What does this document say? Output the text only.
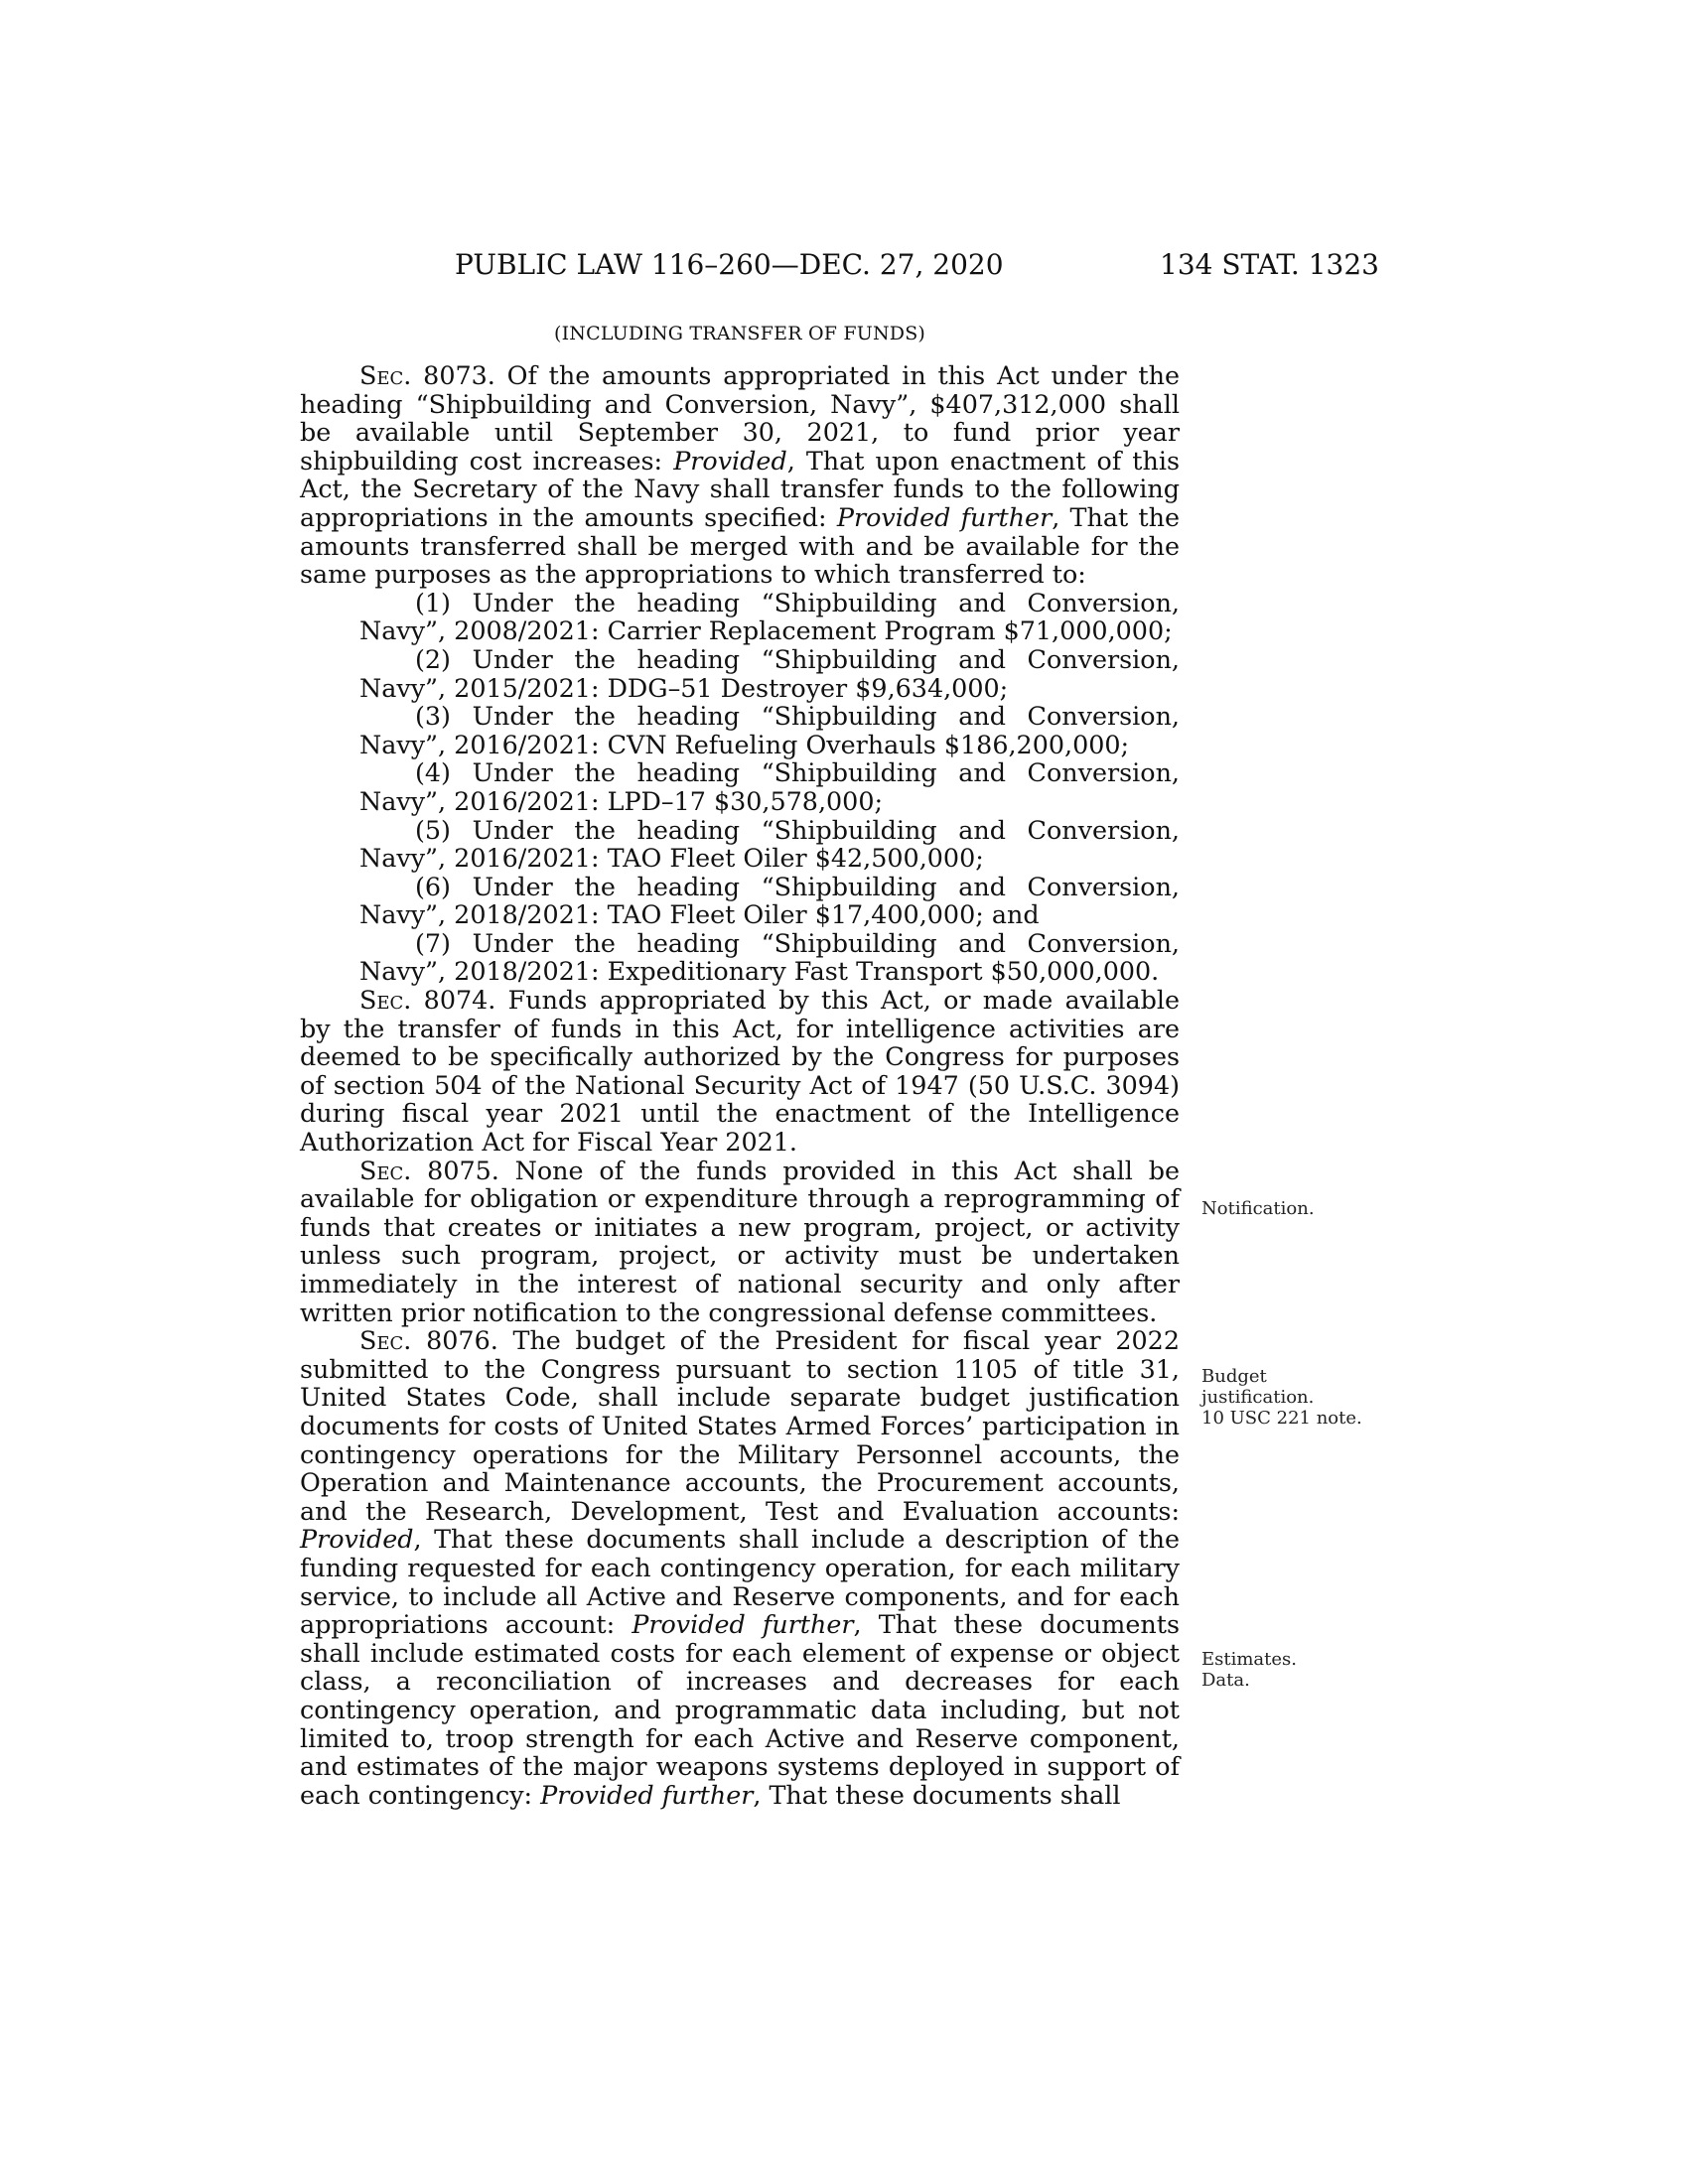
PUBLIC LAW 116–260—DEC. 27, 2020	134 STAT. 1323
(INCLUDING TRANSFER OF FUNDS)

Sec. 8073. Of the amounts appropriated in this Act under the heading “Shipbuilding and Conversion, Navy”, $407,312,000 shall be available until September 30, 2021, to fund prior year shipbuilding cost increases: Provided, That upon enactment of this Act, the Secretary of the Navy shall transfer funds to the following appropriations in the amounts specified: Provided further, That the amounts transferred shall be merged with and be available for the same purposes as the appropriations to which transferred to:

(1) Under the heading “Shipbuilding and Conversion, Navy”, 2008/2021: Carrier Replacement Program $71,000,000;

(2) Under the heading “Shipbuilding and Conversion, Navy”, 2015/2021: DDG–51 Destroyer $9,634,000;

(3) Under the heading “Shipbuilding and Conversion, Navy”, 2016/2021: CVN Refueling Overhauls $186,200,000;

(4) Under the heading “Shipbuilding and Conversion, Navy”, 2016/2021: LPD–17 $30,578,000;

(5) Under the heading “Shipbuilding and Conversion, Navy”, 2016/2021: TAO Fleet Oiler $42,500,000;

(6) Under the heading “Shipbuilding and Conversion, Navy”, 2018/2021: TAO Fleet Oiler $17,400,000; and

(7) Under the heading “Shipbuilding and Conversion, Navy”, 2018/2021: Expeditionary Fast Transport $50,000,000.

Sec. 8074. Funds appropriated by this Act, or made available by the transfer of funds in this Act, for intelligence activities are deemed to be specifically authorized by the Congress for purposes of section 504 of the National Security Act of 1947 (50 U.S.C. 3094) during fiscal year 2021 until the enactment of the Intelligence Authorization Act for Fiscal Year 2021.

Sec. 8075. None of the funds provided in this Act shall be available for obligation or expenditure through a reprogramming of funds that creates or initiates a new program, project, or activity unless such program, project, or activity must be undertaken immediately in the interest of national security and only after written prior notification to the congressional defense committees.

Sec. 8076. The budget of the President for fiscal year 2022 submitted to the Congress pursuant to section 1105 of title 31, United States Code, shall include separate budget justification documents for costs of United States Armed Forces’ participation in contingency operations for the Military Personnel accounts, the Operation and Maintenance accounts, the Procurement accounts, and the Research, Development, Test and Evaluation accounts: Provided, That these documents shall include a description of the funding requested for each contingency operation, for each military service, to include all Active and Reserve components, and for each appropriations account: Provided further, That these documents shall include estimated costs for each element of expense or object class, a reconciliation of increases and decreases for each contingency operation, and programmatic data including, but not limited to, troop strength for each Active and Reserve component, and estimates of the major weapons systems deployed in support of each contingency: Provided further, That these documents shall

Notification.
Budget
justification.
10 USC 221 note.
Estimates.
Data.
